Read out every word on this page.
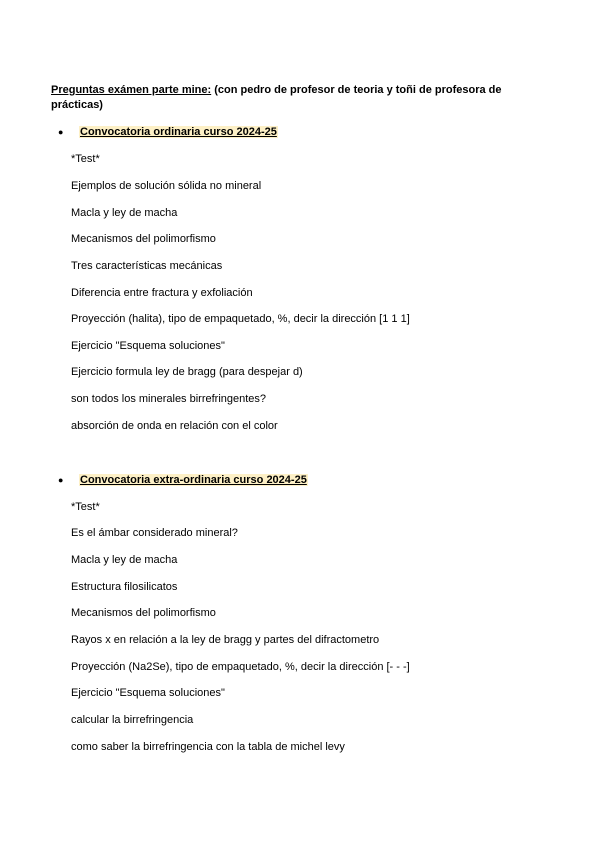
Preguntas exámen parte mine: (con pedro de profesor de teoria y toñi de profesora de prácticas)
● Convocatoria ordinaria curso 2024-25
*Test*
Ejemplos de solución sólida no mineral
Macla y ley de macha
Mecanismos del polimorfismo
Tres características mecánicas
Diferencia entre fractura y exfoliación
Proyección (halita), tipo de empaquetado, %, decir la dirección [1 1 1]
Ejercicio "Esquema soluciones"
Ejercicio formula ley de bragg (para despejar d)
son todos los minerales birrefringentes?
absorción de onda en relación con el color
● Convocatoria extra-ordinaria curso 2024-25
*Test*
Es el ámbar considerado mineral?
Macla y ley de macha
Estructura filosilicatos
Mecanismos del polimorfismo
Rayos x en relación a la ley de bragg y partes del difractometro
Proyección (Na2Se), tipo de empaquetado, %, decir la dirección [- - -]
Ejercicio "Esquema soluciones"
calcular la birrefringencia
como saber la birrefringencia con la tabla de michel levy
